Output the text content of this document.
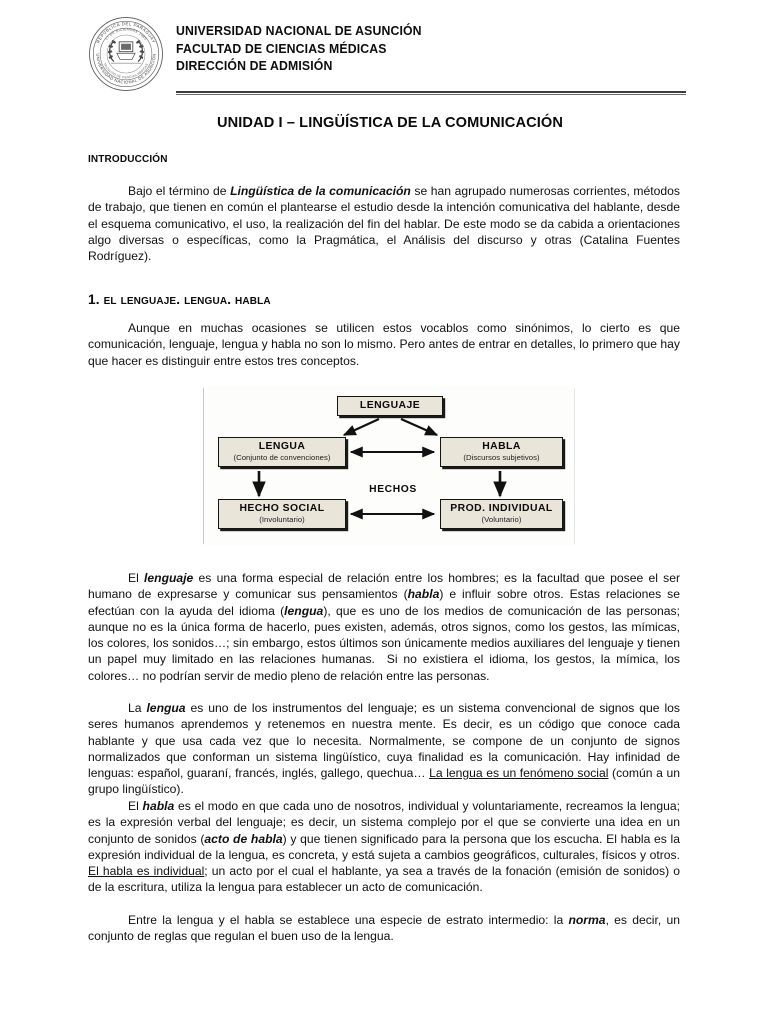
REPÚBLICA DEL PARAGUAY
17 DE DICIEMBRE 1889
UNIVERSIDAD NACIONAL DE ASUNCIÓN
FACULTAD DE CIENCIAS MÉDICAS
UNIVERSIDAD NACIONAL DE ASUNCIÓN
FACULTAD DE CIENCIAS MÉDICAS
DIRECCIÓN DE ADMISIÓN
UNIDAD I – LINGÜÍSTICA DE LA COMUNICACIÓN
introducción
Bajo el término de Lingüística de la comunicación se han agrupado numerosas corrientes, métodos de trabajo, que tienen en común el plantearse el estudio desde la intención comunicativa del hablante, desde el esquema comunicativo, el uso, la realización del fin del hablar. De este modo se da cabida a orientaciones algo diversas o específicas, como la Pragmática, el Análisis del discurso y otras (Catalina Fuentes Rodríguez).
1. el lenguaje. lengua. habla
Aunque en muchas ocasiones se utilicen estos vocablos como sinónimos, lo cierto es que comunicación, lenguaje, lengua y habla no son lo mismo. Pero antes de entrar en detalles, lo primero que hay que hacer es distinguir entre estos tres conceptos.
LENGUAJE
LENGUA
(Conjunto de convenciones)
HABLA
(Discursos subjetivos)
HECHO SOCIAL
(Involuntario)
PROD. INDIVIDUAL
(Voluntario)
HECHOS
El lenguaje es una forma especial de relación entre los hombres; es la facultad que posee el ser humano de expresarse y comunicar sus pensamientos (habla) e influir sobre otros. Estas relaciones se efectúan con la ayuda del idioma (lengua), que es uno de los medios de comunicación de las personas; aunque no es la única forma de hacerlo, pues existen, además, otros signos, como los gestos, las mímicas, los colores, los sonidos…; sin embargo, estos últimos son únicamente medios auxiliares del lenguaje y tienen un papel muy limitado en las relaciones humanas.  Si no existiera el idioma, los gestos, la mímica, los colores… no podrían servir de medio pleno de relación entre las personas.
La lengua es uno de los instrumentos del lenguaje; es un sistema convencional de signos que los seres humanos aprendemos y retenemos en nuestra mente. Es decir, es un código que conoce cada hablante y que usa cada vez que lo necesita. Normalmente, se compone de un conjunto de signos normalizados que conforman un sistema lingüístico, cuya finalidad es la comunicación. Hay infinidad de lenguas: español, guaraní, francés, inglés, gallego, quechua… La lengua es un fenómeno social (común a un grupo lingüístico).
El habla es el modo en que cada uno de nosotros, individual y voluntariamente, recreamos la lengua; es la expresión verbal del lenguaje; es decir, un sistema complejo por el que se convierte una idea en un conjunto de sonidos (acto de habla) y que tienen significado para la persona que los escucha. El habla es la expresión individual de la lengua, es concreta, y está sujeta a cambios geográficos, culturales, físicos y otros. El habla es individual; un acto por el cual el hablante, ya sea a través de la fonación (emisión de sonidos) o de la escritura, utiliza la lengua para establecer un acto de comunicación.
Entre la lengua y el habla se establece una especie de estrato intermedio: la norma, es decir, un conjunto de reglas que regulan el buen uso de la lengua.
